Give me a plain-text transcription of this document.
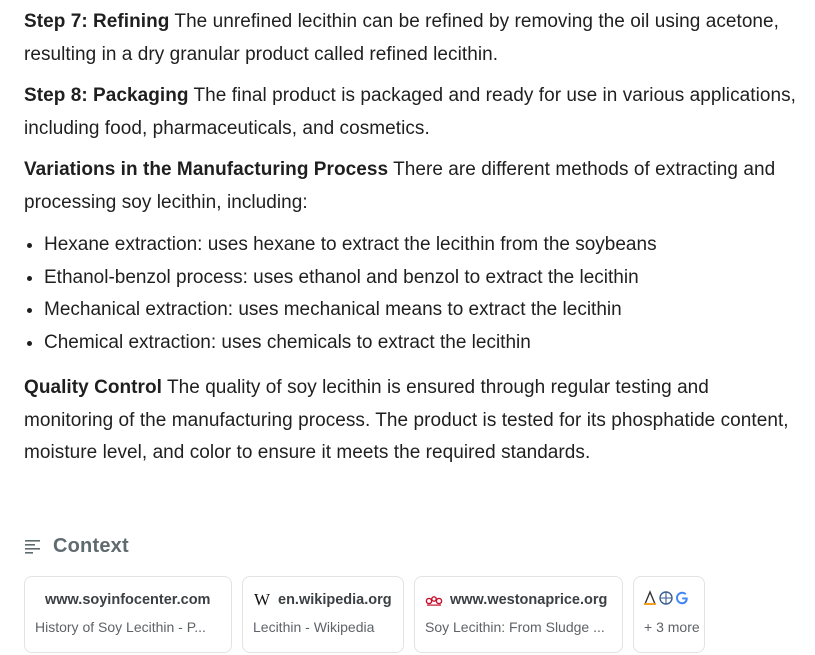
Step 7: Refining The unrefined lecithin can be refined by removing the oil using acetone, resulting in a dry granular product called refined lecithin.

Step 8: Packaging The final product is packaged and ready for use in various applications, including food, pharmaceuticals, and cosmetics.

Variations in the Manufacturing Process There are different methods of extracting and processing soy lecithin, including:

• Hexane extraction: uses hexane to extract the lecithin from the soybeans
• Ethanol-benzol process: uses ethanol and benzol to extract the lecithin
• Mechanical extraction: uses mechanical means to extract the lecithin
• Chemical extraction: uses chemicals to extract the lecithin

Quality Control The quality of soy lecithin is ensured through regular testing and monitoring of the manufacturing process. The product is tested for its phosphatide content, moisture level, and color to ensure it meets the required standards.

Context
www.soyinfocenter.com
History of Soy Lecithin - P...
W en.wikipedia.org
Lecithin - Wikipedia
www.westonaprice.org
Soy Lecithin: From Sludge ...	+ 3 more
